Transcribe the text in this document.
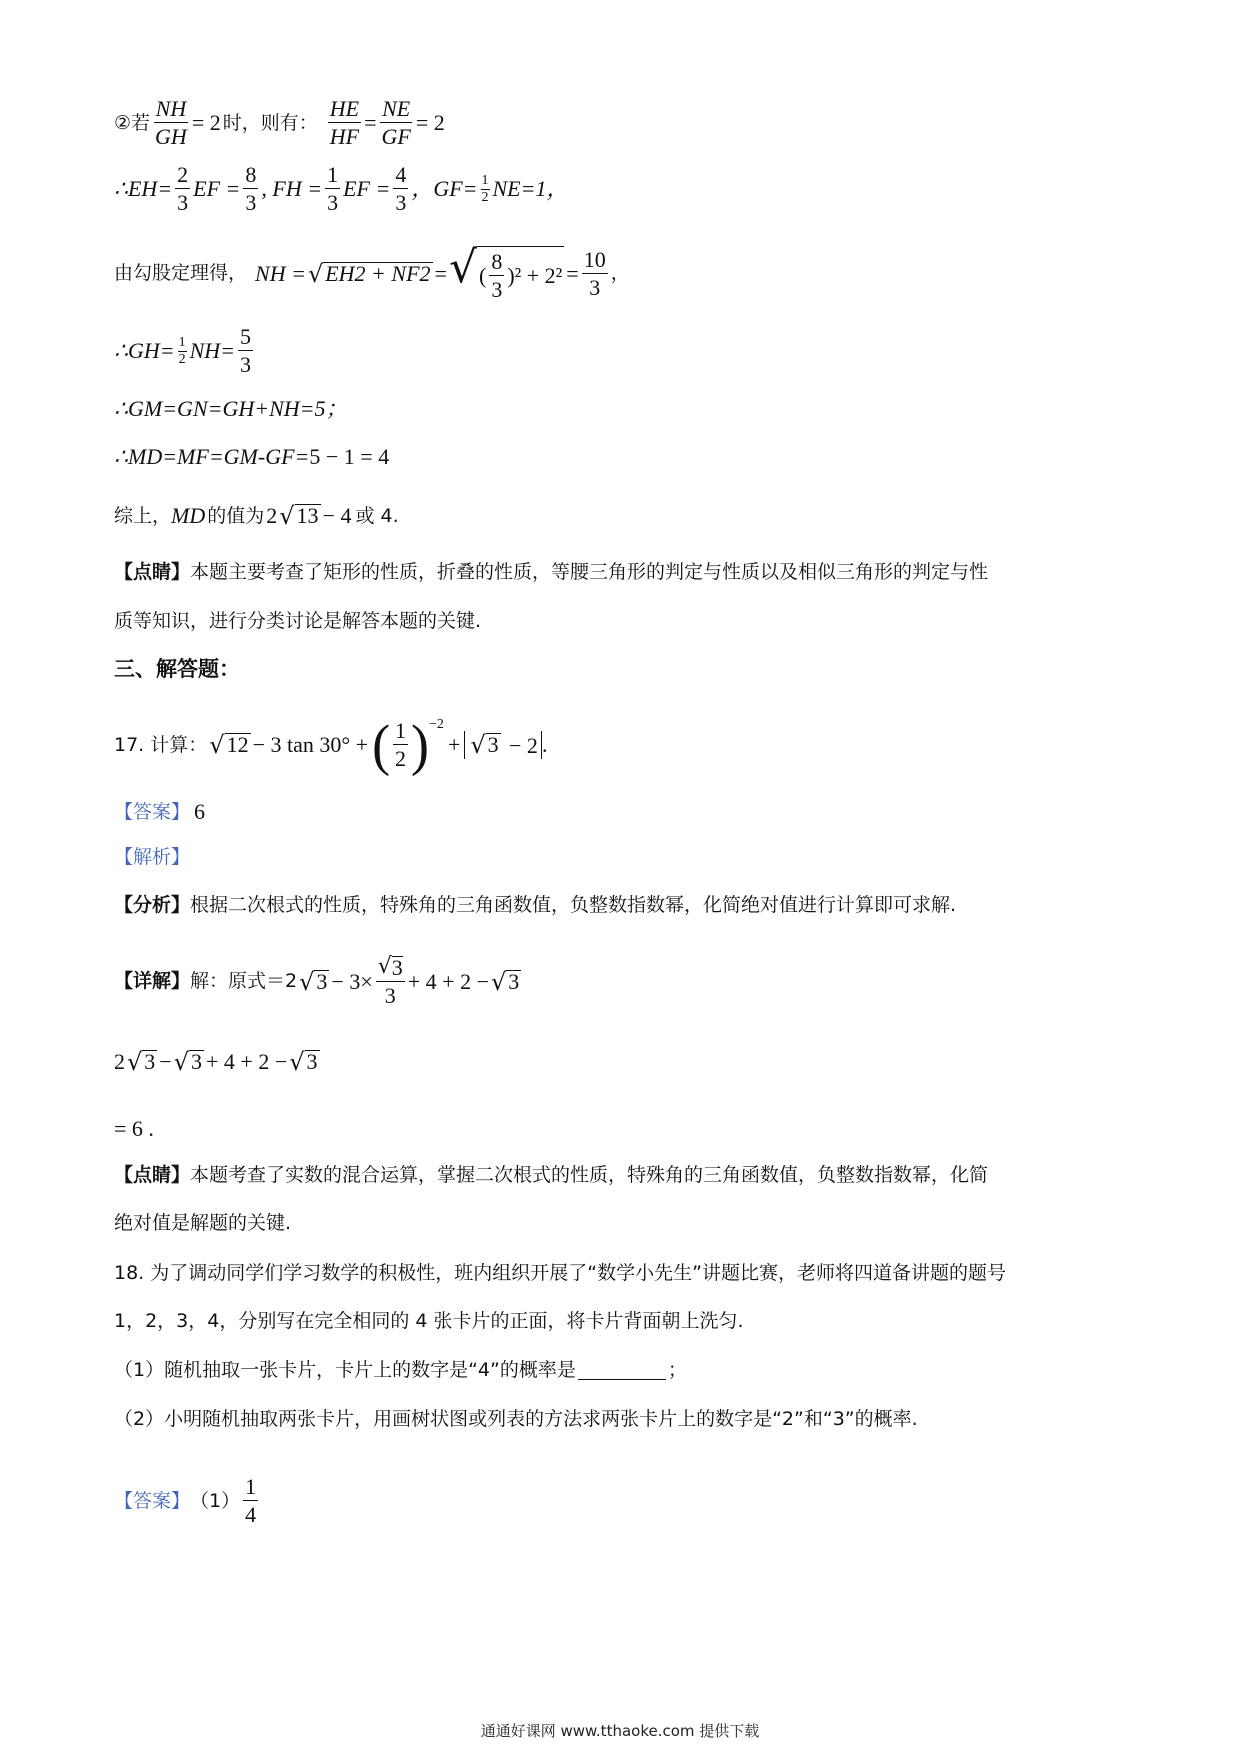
②若 $\frac{NH}{GH} = 2$ 时，则有： $\frac{HE}{HF} = \frac{NE}{GF} = 2$
∴EH= $\frac{2}{3}$ EF = $\frac{8}{3}$ , FH = $\frac{1}{3}$ EF = $\frac{4}{3}$ ，$GF= \frac{1}{2} NE=1$，
由勾股定理得， NH = √ EH2 + NF2 = √ ( $\frac{8}{3} )^2 + 2^2 = \frac{10}{3}$ ，
∴GH= $\frac{1}{2} NH= \frac{5}{3}$
∴GM=GN=GH+NH=5；
∴MD=MF=GM-GF= 5 − 1 = 4
综上， MD 的值为 2 √ 13 − 4 或 4.
【点睛】 本题主要考查了矩形的性质，折叠的性质，等腰三角形的判定与性质以及相似三角形的判定与性
质等知识，进行分类讨论是解答本题的关键.
三、解答题：
17. 计算： √ 12 − 3 tan 30° + ( $\frac{1}{2}$ ) −2
+ √ 3 − 2 .
【答案】 6
【解析】
【分析】 根据二次根式的性质，特殊角的三角函数值，负整数指数幂，化简绝对值进行计算即可求解.
【详解】 解：原式＝2 √ $3 - 3\times \frac{√ 3}{3} + 4 + 2$ − √ 3
2 √ 3 − √ 3 + 4 + 2 − √ 3
= 6 .
【点睛】 本题考查了实数的混合运算，掌握二次根式的性质，特殊角的三角函数值，负整数指数幂，化简
绝对值是解题的关键.
18. 为了调动同学们学习数学的积极性，班内组织开展了“数学小先生”讲题比赛，老师将四道备讲题的题号
1，2，3，4，分别写在完全相同的 4 张卡片的正面，将卡片背面朝上洗匀.
（1）随机抽取一张卡片，卡片上的数字是“4”的概率是	；
（2）小明随机抽取两张卡片，用画树状图或列表的方法求两张卡片上的数字是“2”和“3”的概率.
【答案】 $(1) \frac{1}{4}$
通通好课网 www.tthaoke.com 提供下载
